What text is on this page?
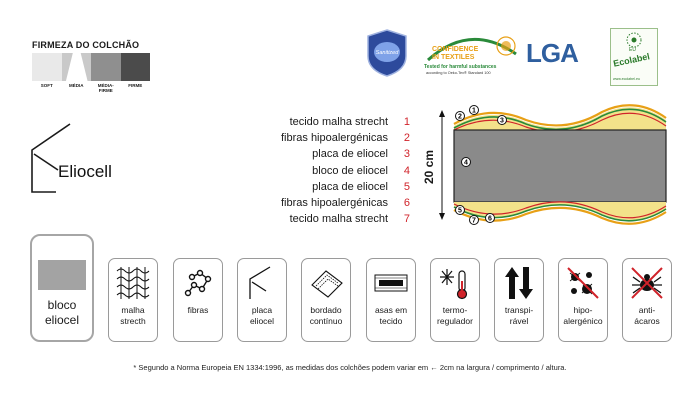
FIRMEZA DO COLCHÃO
SOFT	MÉDIA	MÉDIA-FIRME
FIRME
Sanitized	CONFIDENCE
IN TEXTILES
Tested for harmful substances
according to Oeko-Tex® Standard 100
LGA	EU
Ecolabel
www.ecolabel.eu
Eliocell
tecido malha strecht	1
fibras hipoalergénicas	2
placa de eliocel	3
bloco de eliocel	4
placa de eliocel	5
fibras hipoalergénicas	6
tecido malha strecht	7
20 cm
1
2
3
4
5
7 6
bloco
eliocel
malha
strecth
fibras	placa
eliocel
bordado
contínuo
asas em
tecido
termo-
regulador
transpi-
rável
hipo-
alergénico
anti-
ácaros
* Segundo a Norma Europeia EN 1334:1996, as medidas dos colchões podem variar em ← 2cm na largura / comprimento / altura.
